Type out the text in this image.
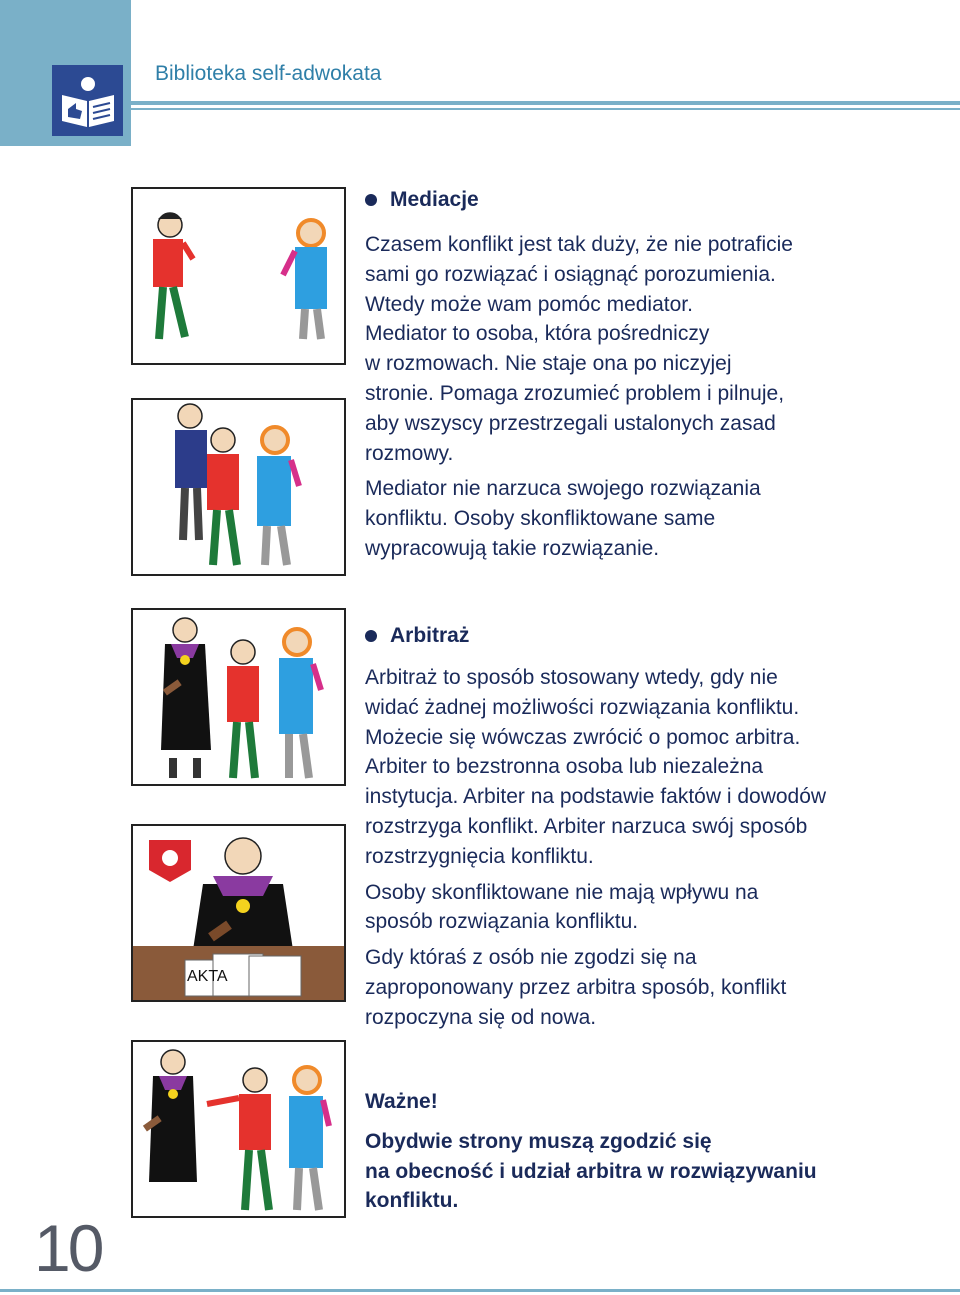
Biblioteka self-adwokata
10
AKTA
Mediacje

Czasem konflikt jest tak duży, że nie potraficie

sami go rozwiązać i osiągnąć porozumienia.

Wtedy może wam pomóc mediator.

Mediator to osoba, która pośredniczy

w rozmowach. Nie staje ona po niczyjej

stronie. Pomaga zrozumieć problem i pilnuje,

aby wszyscy przestrzegali ustalonych zasad

rozmowy.

Mediator nie narzuca swojego rozwiązania

konfliktu. Osoby skonfliktowane same

wypracowują takie rozwiązanie.

Arbitraż

Arbitraż to sposób stosowany wtedy, gdy nie

widać żadnej możliwości rozwiązania konfliktu.

Możecie się wówczas zwrócić o pomoc arbitra.

Arbiter to bezstronna osoba lub niezależna

instytucja. Arbiter na podstawie faktów i dowodów

rozstrzyga konflikt. Arbiter narzuca swój sposób

rozstrzygnięcia konfliktu.

Osoby skonfliktowane nie mają wpływu na

sposób rozwiązania konfliktu.

Gdy któraś z osób nie zgodzi się na

zaproponowany przez arbitra sposób, konflikt

rozpoczyna się od nowa.

Ważne!

Obydwie strony muszą zgodzić się

na obecność i udział arbitra w rozwiązywaniu

konfliktu.
